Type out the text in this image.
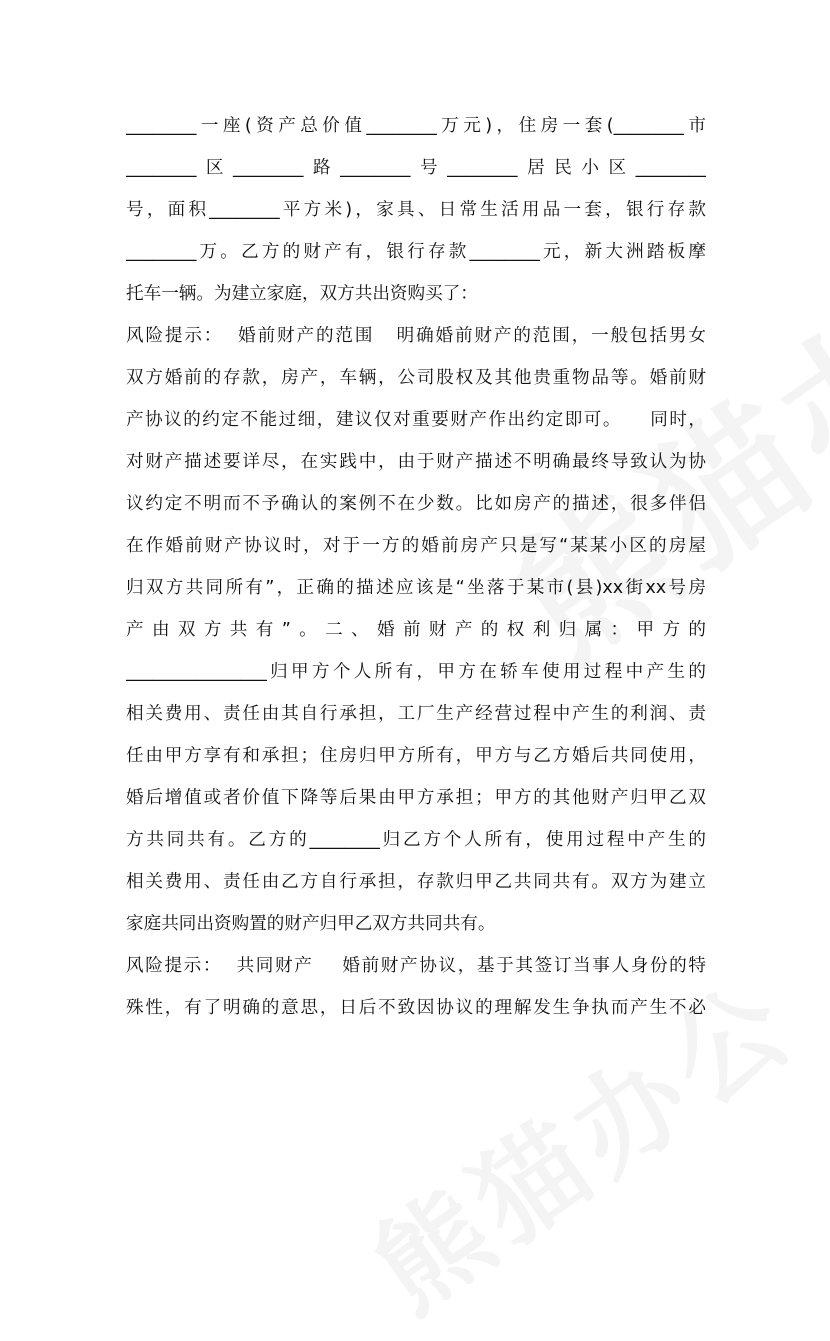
________一座(资产总价值________万元)，住房一套(________市
________区________路________号________居民小区________
号，面积________平方米)，家具、日常生活用品一套，银行存款
________万。乙方的财产有，银行存款________元，新大洲踏板摩
托车一辆。为建立家庭，双方共出资购买了：
风险提示：  婚前财产的范围   明确婚前财产的范围，一般包括男女
双方婚前的存款，房产，车辆，公司股权及其他贵重物品等。婚前财
产协议的约定不能过细，建议仅对重要财产作出约定即可。    同时，
对财产描述要详尽，在实践中，由于财产描述不明确最终导致认为协
议约定不明而不予确认的案例不在少数。比如房产的描述，很多伴侣
在作婚前财产协议时，对于一方的婚前房产只是写“某某小区的房屋
归双方共同所有”，正确的描述应该是“坐落于某市(县)xx街xx号房
产由双方共有”。二、婚前财产的权利归属：甲方的
________________归甲方个人所有，甲方在轿车使用过程中产生的
相关费用、责任由其自行承担，工厂生产经营过程中产生的利润、责
任由甲方享有和承担；住房归甲方所有，甲方与乙方婚后共同使用，
婚后增值或者价值下降等后果由甲方承担；甲方的其他财产归甲乙双
方共同共有。乙方的________归乙方个人所有，使用过程中产生的
相关费用、责任由乙方自行承担，存款归甲乙共同共有。双方为建立
家庭共同出资购置的财产归甲乙双方共同共有。
风险提示：  共同财产    婚前财产协议，基于其签订当事人身份的特
殊性，有了明确的意思，日后不致因协议的理解发生争执而产生不必
